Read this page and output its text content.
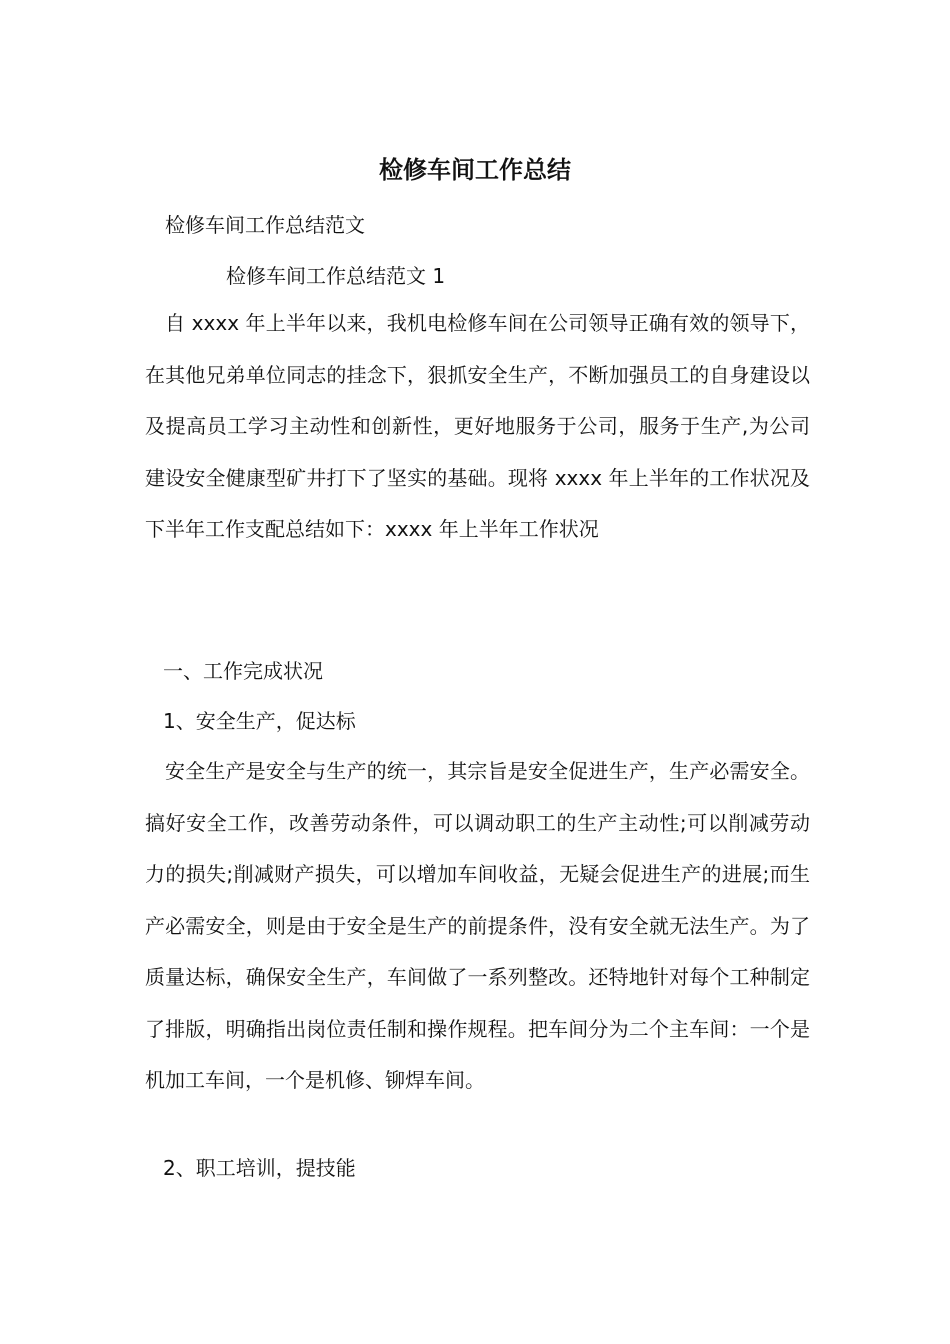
检修车间工作总结

检修车间工作总结范文

检修车间工作总结范文 1

自 xxxx 年上半年以来，我机电检修车间在公司领导正确有效的领导下，在其他兄弟单位同志的挂念下，狠抓安全生产，不断加强员工的自身建设以及提高员工学习主动性和创新性，更好地服务于公司，服务于生产,为公司建设安全健康型矿井打下了坚实的基础。现将 xxxx 年上半年的工作状况及下半年工作支配总结如下：xxxx 年上半年工作状况

一、工作完成状况

1、安全生产，促达标

安全生产是安全与生产的统一，其宗旨是安全促进生产，生产必需安全。搞好安全工作，改善劳动条件，可以调动职工的生产主动性;可以削减劳动力的损失;削减财产损失，可以增加车间收益，无疑会促进生产的进展;而生产必需安全，则是由于安全是生产的前提条件，没有安全就无法生产。为了质量达标，确保安全生产，车间做了一系列整改。还特地针对每个工种制定了排版，明确指出岗位责任制和操作规程。把车间分为二个主车间：一个是机加工车间，一个是机修、铆焊车间。

2、职工培训，提技能
